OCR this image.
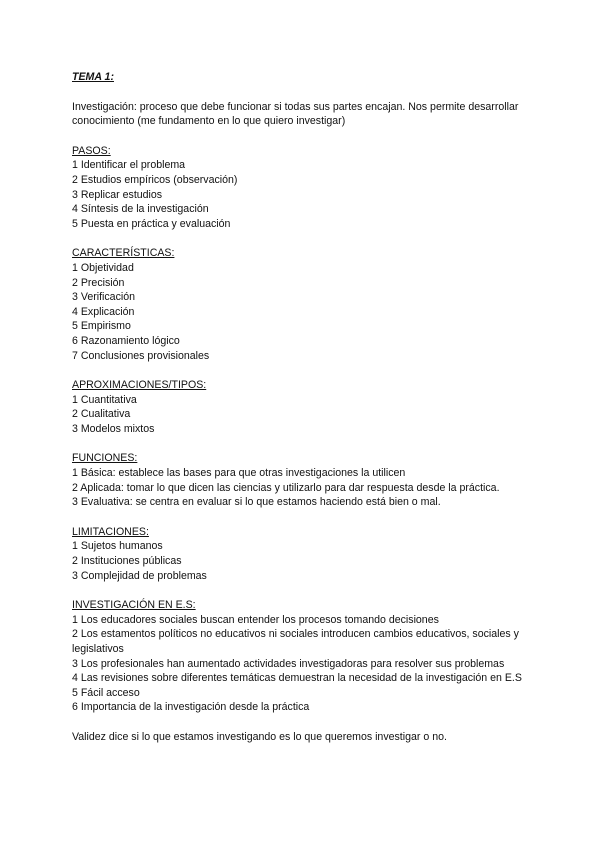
TEMA 1:
Investigación: proceso que debe funcionar si todas sus partes encajan. Nos permite desarrollar conocimiento (me fundamento en lo que quiero investigar)
PASOS:
1 Identificar el problema
2 Estudios empíricos (observación)
3 Replicar estudios
4 Síntesis de la investigación
5 Puesta en práctica y evaluación
CARACTERÍSTICAS:
1 Objetividad
2 Precisión
3 Verificación
4 Explicación
5 Empirismo
6 Razonamiento lógico
7 Conclusiones provisionales
APROXIMACIONES/TIPOS:
1 Cuantitativa
2 Cualitativa
3 Modelos mixtos
FUNCIONES:
1 Básica: establece las bases para que otras investigaciones la utilicen
2 Aplicada: tomar lo que dicen las ciencias y utilizarlo para dar respuesta desde la práctica.
3 Evaluativa: se centra en evaluar si lo que estamos haciendo está bien o mal.
LIMITACIONES:
1 Sujetos humanos
2 Instituciones públicas
3 Complejidad de problemas
INVESTIGACIÓN EN E.S:
1 Los educadores sociales buscan entender los procesos tomando decisiones
2 Los estamentos políticos no educativos ni sociales introducen cambios educativos, sociales y legislativos
3 Los profesionales han aumentado actividades investigadoras para resolver sus problemas
4 Las revisiones sobre diferentes temáticas demuestran la necesidad de la investigación en E.S
5 Fácil acceso
6 Importancia de la investigación desde la práctica
Validez dice si lo que estamos investigando es lo que queremos investigar o no.
